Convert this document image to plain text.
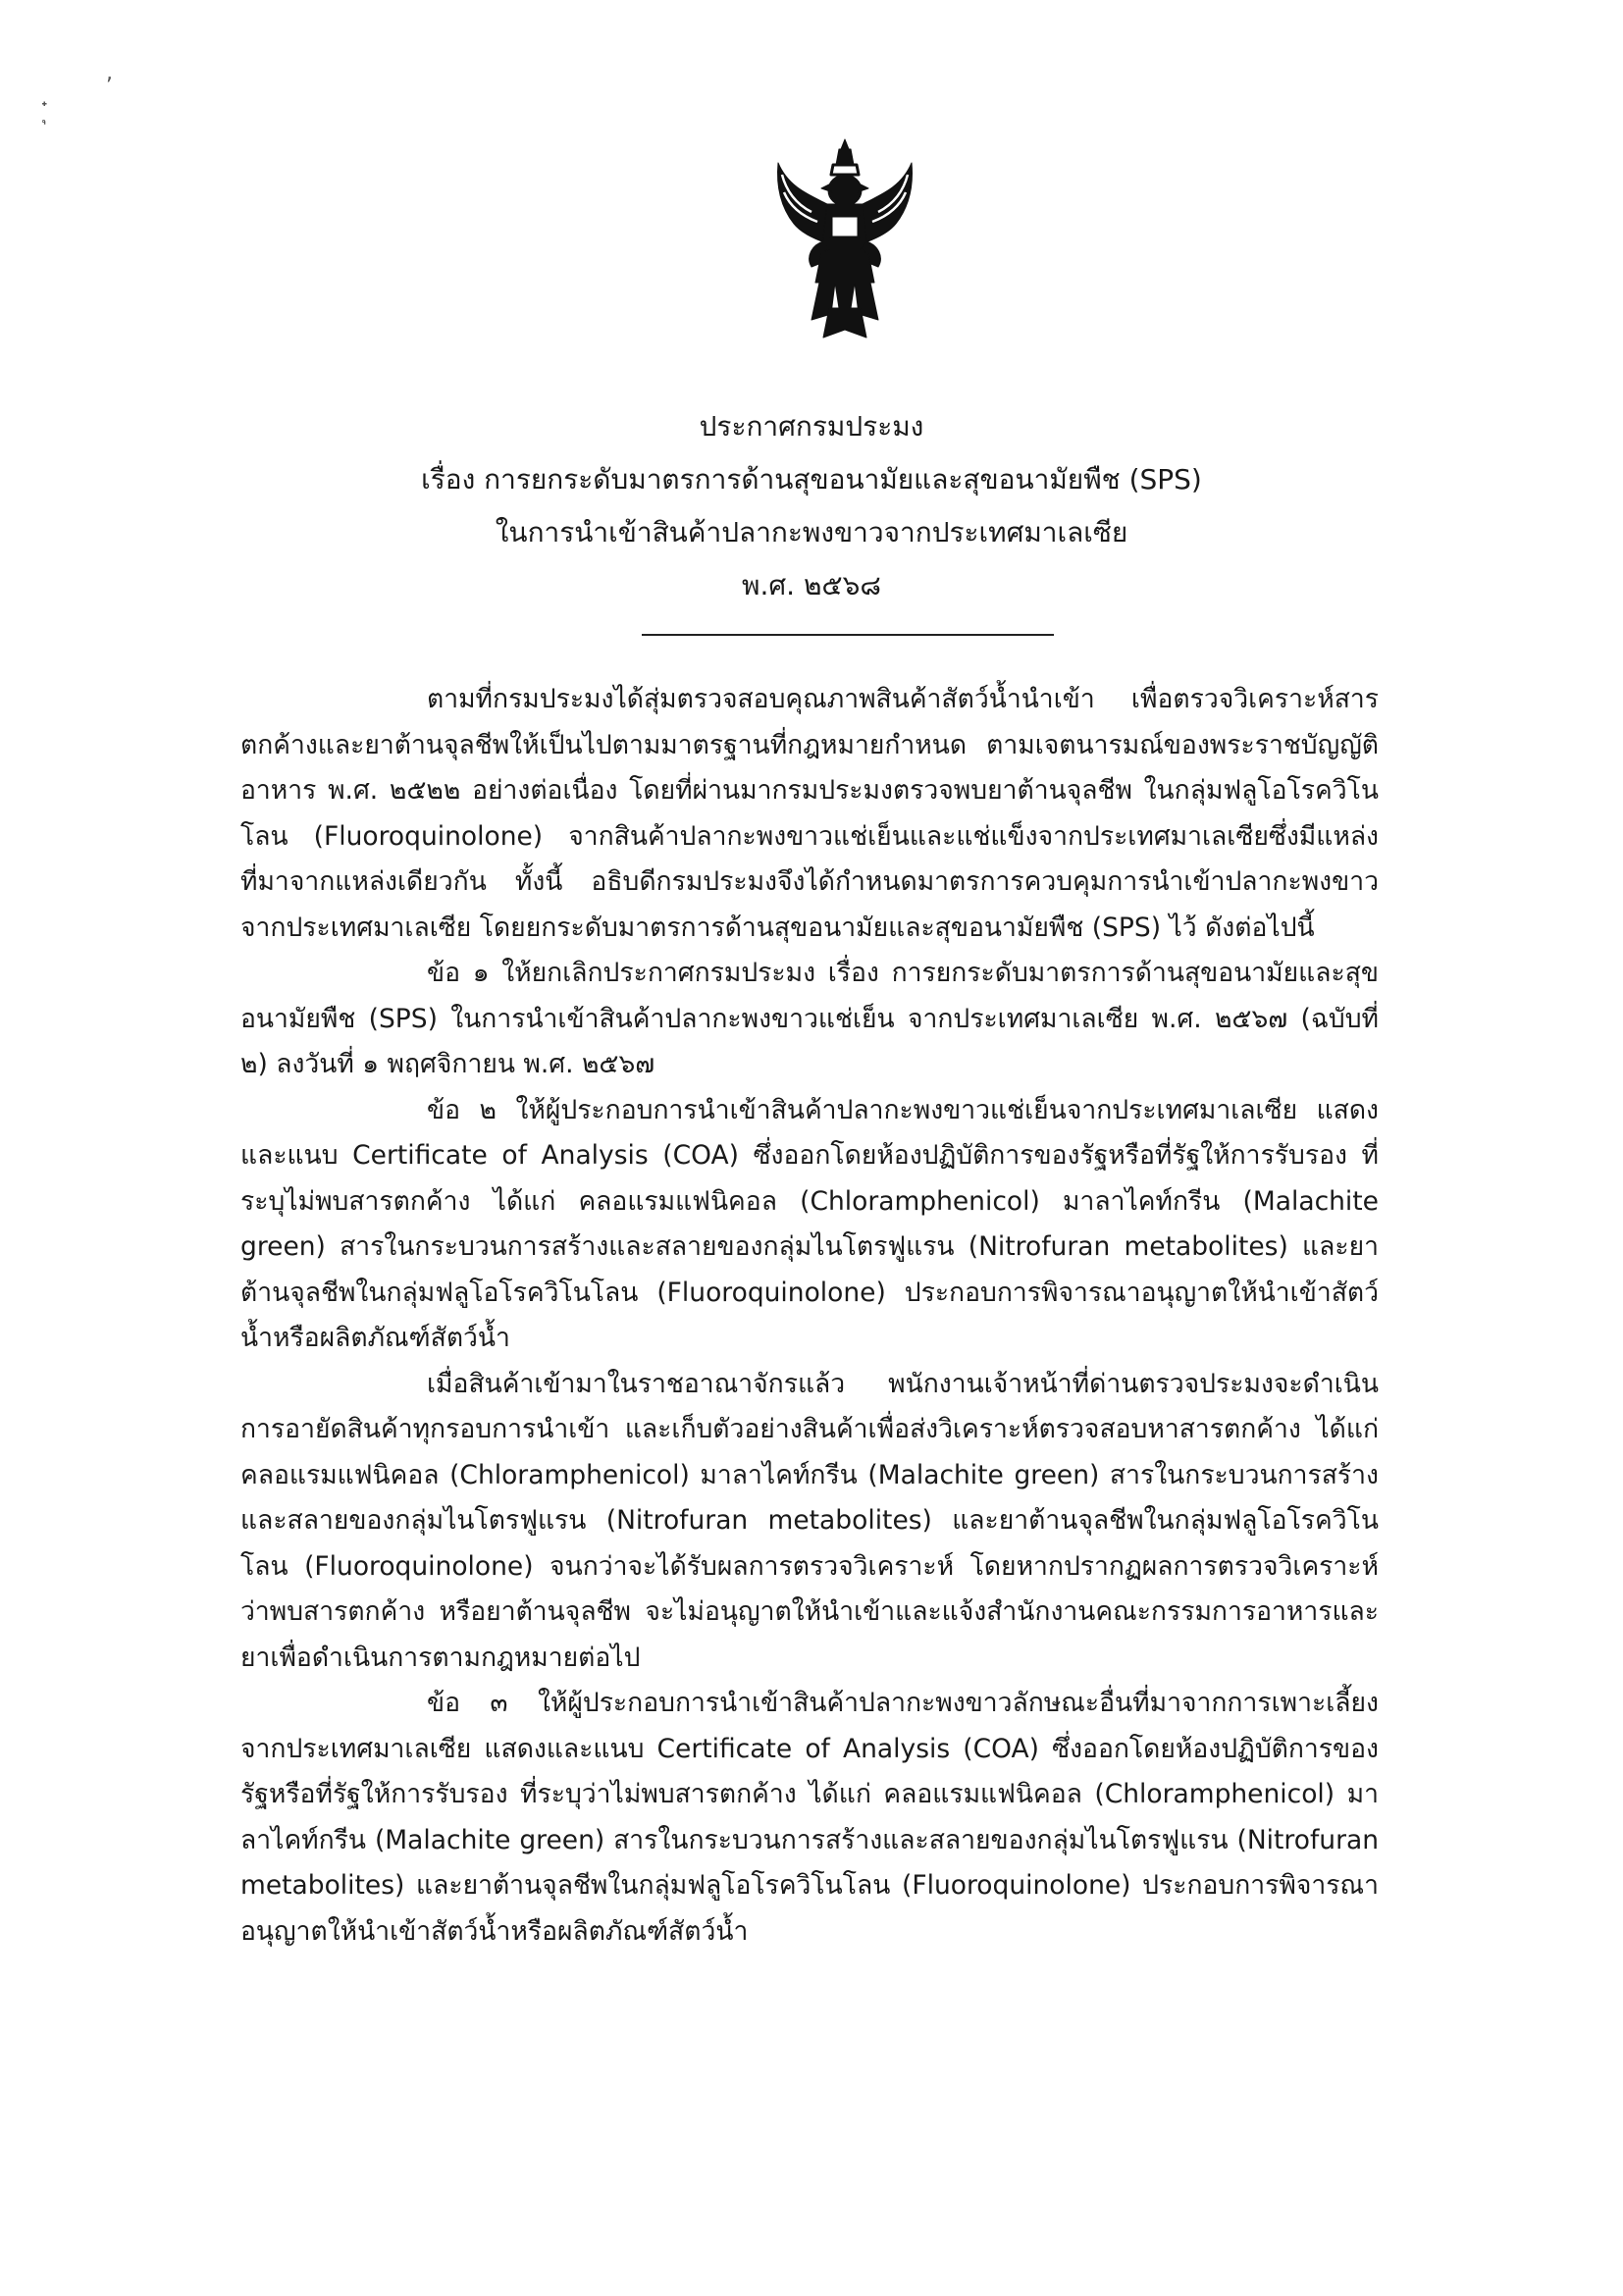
,
ประกาศกรมประมง
เรื่อง การยกระดับมาตรการด้านสุขอนามัยและสุขอนามัยพืช (SPS)
ในการนำเข้าสินค้าปลากะพงขาวจากประเทศมาเลเซีย
พ.ศ. ๒๕๖๘

ตามที่กรมประมงได้สุ่มตรวจสอบคุณภาพสินค้าสัตว์น้ำนำเข้า เพื่อตรวจวิเคราะห์สารตกค้างและยาต้านจุลชีพให้เป็นไปตามมาตรฐานที่กฎหมายกำหนด ตามเจตนารมณ์ของพระราชบัญญัติอาหาร พ.ศ. ๒๕๒๒ อย่างต่อเนื่อง โดยที่ผ่านมากรมประมงตรวจพบยาต้านจุลชีพ ในกลุ่มฟลูโอโรควิโนโลน (Fluoroquinolone) จากสินค้าปลากะพงขาวแช่เย็นและแช่แข็งจากประเทศมาเลเซียซึ่งมีแหล่งที่มาจากแหล่งเดียวกัน ทั้งนี้ อธิบดีกรมประมงจึงได้กำหนดมาตรการควบคุมการนำเข้าปลากะพงขาวจากประเทศมาเลเซีย โดยยกระดับมาตรการด้านสุขอนามัยและสุขอนามัยพืช (SPS) ไว้ ดังต่อไปนี้

ข้อ ๑ ให้ยกเลิกประกาศกรมประมง เรื่อง การยกระดับมาตรการด้านสุขอนามัยและสุขอนามัยพืช (SPS) ในการนำเข้าสินค้าปลากะพงขาวแช่เย็น จากประเทศมาเลเซีย พ.ศ. ๒๕๖๗ (ฉบับที่ ๒) ลงวันที่ ๑ พฤศจิกายน พ.ศ. ๒๕๖๗

ข้อ ๒ ให้ผู้ประกอบการนำเข้าสินค้าปลากะพงขาวแช่เย็นจากประเทศมาเลเซีย แสดงและแนบ Certificate of Analysis (COA) ซึ่งออกโดยห้องปฏิบัติการของรัฐหรือที่รัฐให้การรับรอง ที่ระบุไม่พบสารตกค้าง ได้แก่ คลอแรมแฟนิคอล (Chloramphenicol) มาลาไคท์กรีน (Malachite green) สารในกระบวนการสร้างและสลายของกลุ่มไนโตรฟูแรน (Nitrofuran metabolites) และยาต้านจุลชีพในกลุ่มฟลูโอโรควิโนโลน (Fluoroquinolone) ประกอบการพิจารณาอนุญาตให้นำเข้าสัตว์น้ำหรือผลิตภัณฑ์สัตว์น้ำ

เมื่อสินค้าเข้ามาในราชอาณาจักรแล้ว พนักงานเจ้าหน้าที่ด่านตรวจประมงจะดำเนินการอายัดสินค้าทุกรอบการนำเข้า และเก็บตัวอย่างสินค้าเพื่อส่งวิเคราะห์ตรวจสอบหาสารตกค้าง ได้แก่ คลอแรมแฟนิคอล (Chloramphenicol) มาลาไคท์กรีน (Malachite green) สารในกระบวนการสร้างและสลายของกลุ่มไนโตรฟูแรน (Nitrofuran metabolites) และยาต้านจุลชีพในกลุ่มฟลูโอโรควิโนโลน (Fluoroquinolone) จนกว่าจะได้รับผลการตรวจวิเคราะห์ โดยหากปรากฏผลการตรวจวิเคราะห์ว่าพบสารตกค้าง หรือยาต้านจุลชีพ จะไม่อนุญาตให้นำเข้าและแจ้งสำนักงานคณะกรรมการอาหารและยาเพื่อดำเนินการตามกฎหมายต่อไป

ข้อ ๓ ให้ผู้ประกอบการนำเข้าสินค้าปลากะพงขาวลักษณะอื่นที่มาจากการเพาะเลี้ยงจากประเทศมาเลเซีย แสดงและแนบ Certificate of Analysis (COA) ซึ่งออกโดยห้องปฏิบัติการของรัฐหรือที่รัฐให้การรับรอง ที่ระบุว่าไม่พบสารตกค้าง ได้แก่ คลอแรมแฟนิคอล (Chloramphenicol) มาลาไคท์กรีน (Malachite green) สารในกระบวนการสร้างและสลายของกลุ่มไนโตรฟูแรน (Nitrofuran metabolites) และยาต้านจุลชีพในกลุ่มฟลูโอโรควิโนโลน (Fluoroquinolone) ประกอบการพิจารณาอนุญาตให้นำเข้าสัตว์น้ำหรือผลิตภัณฑ์สัตว์น้ำ
